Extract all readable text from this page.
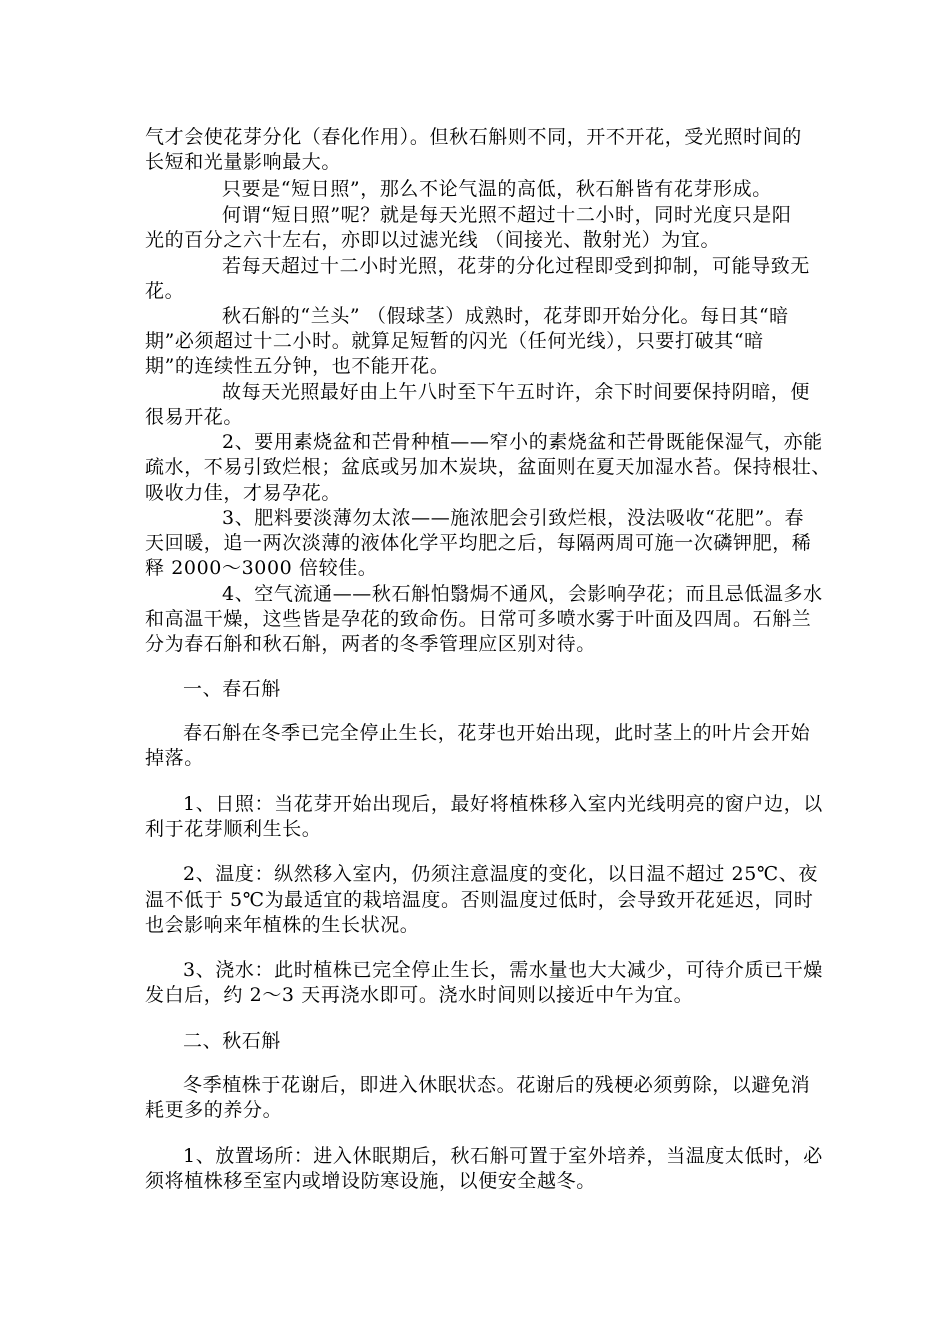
气才会使花芽分化（春化作用）。但秋石斛则不同，开不开花，受光照时间的
长短和光量影响最大。
只要是“短日照”，那么不论气温的高低，秋石斛皆有花芽形成。
何谓“短日照”呢？就是每天光照不超过十二小时，同时光度只是阳
光的百分之六十左右，亦即以过滤光线 （间接光、散射光）为宜。
若每天超过十二小时光照，花芽的分化过程即受到抑制，可能导致无
花。
秋石斛的“兰头” （假球茎）成熟时，花芽即开始分化。每日其“暗
期”必须超过十二小时。就算足短暂的闪光（任何光线），只要打破其“暗
期”的连续性五分钟，也不能开花。
故每天光照最好由上午八时至下午五时许，余下时间要保持阴暗，便
很易开花。
2、要用素烧盆和芒骨种植——窄小的素烧盆和芒骨既能保湿气，亦能
疏水，不易引致烂根；盆底或另加木炭块，盆面则在夏天加湿水苔。保持根壮、
吸收力佳，才易孕花。
3、肥料要淡薄勿太浓——施浓肥会引致烂根，没法吸收“花肥”。春
天回暖，追一两次淡薄的液体化学平均肥之后，每隔两周可施一次磷钾肥，稀
释 2000～3000 倍较佳。
4、空气流通——秋石斛怕翳焗不通风，会影响孕花；而且忌低温多水
和高温干燥，这些皆是孕花的致命伤。日常可多喷水雾于叶面及四周。石斛兰
分为春石斛和秋石斛，两者的冬季管理应区别对待。
一、春石斛
春石斛在冬季已完全停止生长，花芽也开始出现，此时茎上的叶片会开始
掉落。
1、日照：当花芽开始出现后，最好将植株移入室内光线明亮的窗户边，以
利于花芽顺利生长。
2、温度：纵然移入室内，仍须注意温度的变化，以日温不超过 25℃、夜
温不低于 5℃为最适宜的栽培温度。否则温度过低时，会导致开花延迟，同时
也会影响来年植株的生长状况。
3、浇水：此时植株已完全停止生长，需水量也大大减少，可待介质已干燥
发白后，约 2～3 天再浇水即可。浇水时间则以接近中午为宜。
二、秋石斛
冬季植株于花谢后，即进入休眠状态。花谢后的残梗必须剪除，以避免消
耗更多的养分。
1、放置场所：进入休眠期后，秋石斛可置于室外培养，当温度太低时，必
须将植株移至室内或增设防寒设施，以便安全越冬。
